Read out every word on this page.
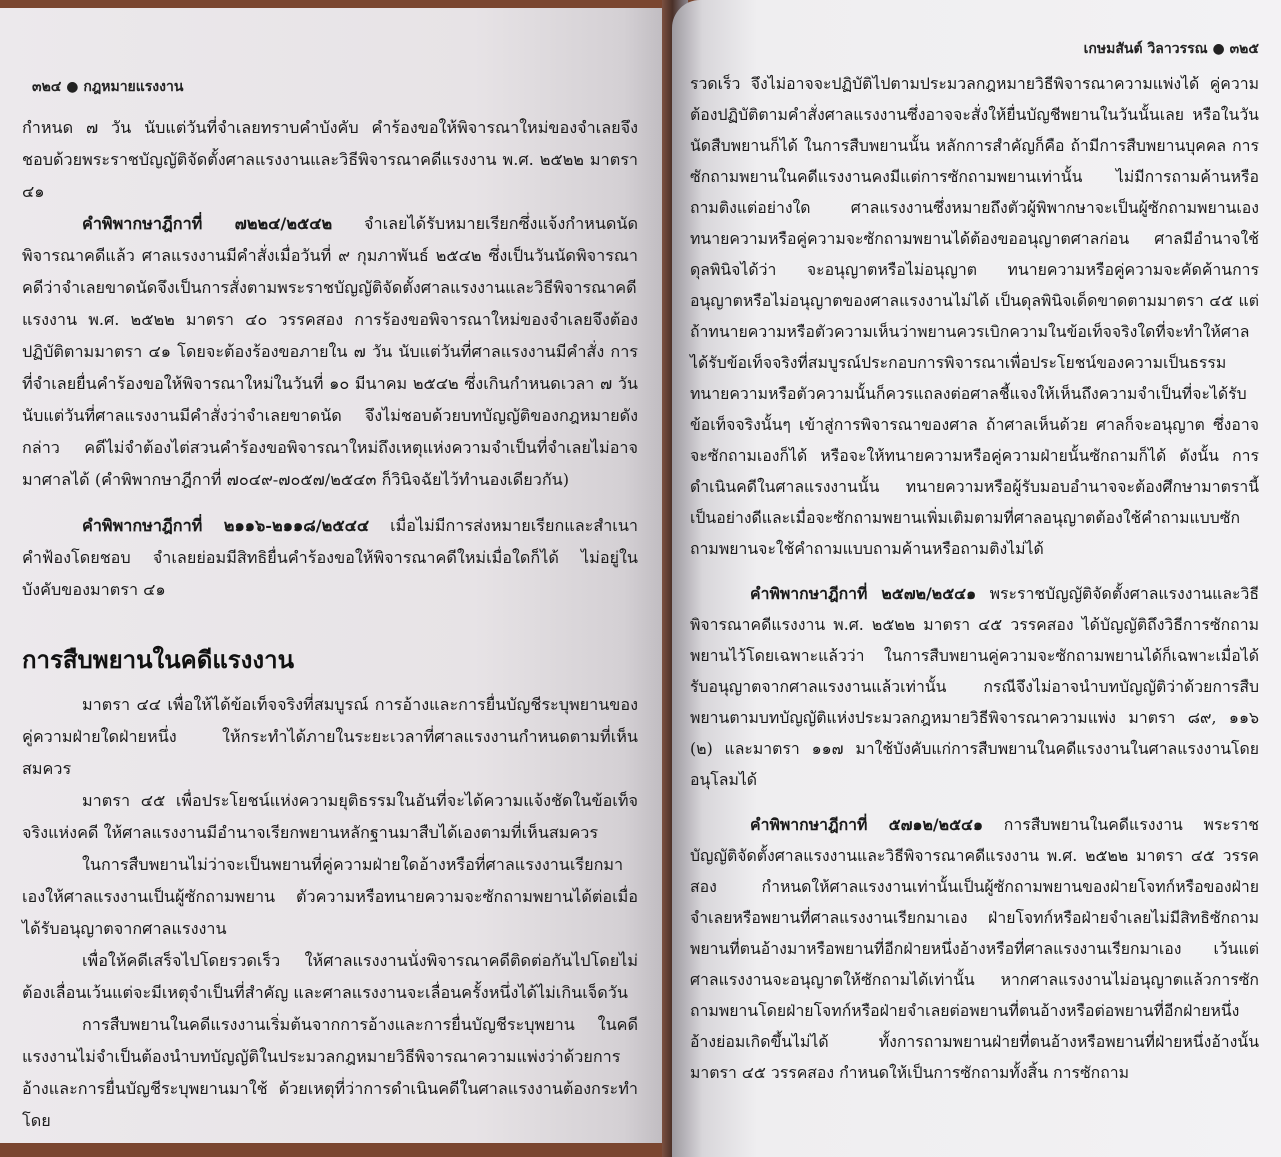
๓๒๔ ● กฎหมายแรงงาน

กำหนด ๗ วัน นับแต่วันที่จำเลยทราบคำบังคับ คำร้องขอให้พิจารณาใหม่ของจำเลยจึงชอบด้วยพระราชบัญญัติจัดตั้งศาลแรงงานและวิธีพิจารณาคดีแรงงาน พ.ศ. ๒๕๒๒ มาตรา ๔๑

คำพิพากษาฎีกาที่ ๗๒๒๔/๒๕๔๒ จำเลยได้รับหมายเรียกซึ่งแจ้งกำหนดนัดพิจารณาคดีแล้ว ศาลแรงงานมีคำสั่งเมื่อวันที่ ๙ กุมภาพันธ์ ๒๕๔๒ ซึ่งเป็นวันนัดพิจารณาคดีว่าจำเลยขาดนัดจึงเป็นการสั่งตามพระราชบัญญัติจัดตั้งศาลแรงงานและวิธีพิจารณาคดีแรงงาน พ.ศ. ๒๕๒๒ มาตรา ๔๐ วรรคสอง การร้องขอพิจารณาใหม่ของจำเลยจึงต้องปฏิบัติตามมาตรา ๔๑ โดยจะต้องร้องขอภายใน ๗ วัน นับแต่วันที่ศาลแรงงานมีคำสั่ง การที่จำเลยยื่นคำร้องขอให้พิจารณาใหม่ในวันที่ ๑๐ มีนาคม ๒๕๔๒ ซึ่งเกินกำหนดเวลา ๗ วัน นับแต่วันที่ศาลแรงงานมีคำสั่งว่าจำเลยขาดนัด จึงไม่ชอบด้วยบทบัญญัติของกฎหมายดังกล่าว คดีไม่จำต้องไต่สวนคำร้องขอพิจารณาใหม่ถึงเหตุแห่งความจำเป็นที่จำเลยไม่อาจมาศาลได้ (คำพิพากษาฎีกาที่ ๗๐๔๙-๗๐๕๗/๒๕๔๓ ก็วินิจฉัยไว้ทำนองเดียวกัน)

คำพิพากษาฎีกาที่ ๒๑๑๖-๒๑๑๘/๒๕๔๔ เมื่อไม่มีการส่งหมายเรียกและสำเนาคำฟ้องโดยชอบ จำเลยย่อมมีสิทธิยื่นคำร้องขอให้พิจารณาคดีใหม่เมื่อใดก็ได้ ไม่อยู่ในบังคับของมาตรา ๔๑

การสืบพยานในคดีแรงงาน

มาตรา ๔๔ เพื่อให้ได้ข้อเท็จจริงที่สมบูรณ์ การอ้างและการยื่นบัญชีระบุพยานของคู่ความฝ่ายใดฝ่ายหนึ่ง ให้กระทำได้ภายในระยะเวลาที่ศาลแรงงานกำหนดตามที่เห็นสมควร

มาตรา ๔๕ เพื่อประโยชน์แห่งความยุติธรรมในอันที่จะได้ความแจ้งชัดในข้อเท็จจริงแห่งคดี ให้ศาลแรงงานมีอำนาจเรียกพยานหลักฐานมาสืบได้เองตามที่เห็นสมควร

ในการสืบพยานไม่ว่าจะเป็นพยานที่คู่ความฝ่ายใดอ้างหรือที่ศาลแรงงานเรียกมาเองให้ศาลแรงงานเป็นผู้ซักถามพยาน ตัวความหรือทนายความจะซักถามพยานได้ต่อเมื่อได้รับอนุญาตจากศาลแรงงาน

เพื่อให้คดีเสร็จไปโดยรวดเร็ว ให้ศาลแรงงานนั่งพิจารณาคดีติดต่อกันไปโดยไม่ต้องเลื่อนเว้นแต่จะมีเหตุจำเป็นที่สำคัญ และศาลแรงงานจะเลื่อนครั้งหนึ่งได้ไม่เกินเจ็ดวัน

การสืบพยานในคดีแรงงานเริ่มต้นจากการอ้างและการยื่นบัญชีระบุพยาน ในคดีแรงงานไม่จำเป็นต้องนำบทบัญญัติในประมวลกฎหมายวิธีพิจารณาความแพ่งว่าด้วยการอ้างและการยื่นบัญชีระบุพยานมาใช้ ด้วยเหตุที่ว่าการดำเนินคดีในศาลแรงงานต้องกระทำโดย

เกษมสันต์ วิลาวรรณ ● ๓๒๕

รวดเร็ว จึงไม่อาจจะปฏิบัติไปตามประมวลกฎหมายวิธีพิจารณาความแพ่งได้ คู่ความต้องปฏิบัติตามคำสั่งศาลแรงงานซึ่งอาจจะสั่งให้ยื่นบัญชีพยานในวันนั้นเลย หรือในวันนัดสืบพยานก็ได้ ในการสืบพยานนั้น หลักการสำคัญก็คือ ถ้ามีการสืบพยานบุคคล การซักถามพยานในคดีแรงงานคงมีแต่การซักถามพยานเท่านั้น ไม่มีการถามค้านหรือถามติงแต่อย่างใด ศาลแรงงานซึ่งหมายถึงตัวผู้พิพากษาจะเป็นผู้ซักถามพยานเอง ทนายความหรือคู่ความจะซักถามพยานได้ต้องขออนุญาตศาลก่อน ศาลมีอำนาจใช้ดุลพินิจได้ว่า จะอนุญาตหรือไม่อนุญาต ทนายความหรือคู่ความจะคัดค้านการอนุญาตหรือไม่อนุญาตของศาลแรงงานไม่ได้ เป็นดุลพินิจเด็ดขาดตามมาตรา ๔๕ แต่ถ้าทนายความหรือตัวความเห็นว่าพยานควรเบิกความในข้อเท็จจริงใดที่จะทำให้ศาลได้รับข้อเท็จจริงที่สมบูรณ์ประกอบการพิจารณาเพื่อประโยชน์ของความเป็นธรรม ทนายความหรือตัวความนั้นก็ควรแถลงต่อศาลชี้แจงให้เห็นถึงความจำเป็นที่จะได้รับข้อเท็จจริงนั้นๆ เข้าสู่การพิจารณาของศาล ถ้าศาลเห็นด้วย ศาลก็จะอนุญาต ซึ่งอาจจะซักถามเองก็ได้ หรือจะให้ทนายความหรือคู่ความฝ่ายนั้นซักถามก็ได้ ดังนั้น การดำเนินคดีในศาลแรงงานนั้น ทนายความหรือผู้รับมอบอำนาจจะต้องศึกษามาตรานี้เป็นอย่างดีและเมื่อจะซักถามพยานเพิ่มเติมตามที่ศาลอนุญาตต้องใช้คำถามแบบซักถามพยานจะใช้คำถามแบบถามค้านหรือถามติงไม่ได้

คำพิพากษาฎีกาที่ ๒๕๗๒/๒๕๔๑ พระราชบัญญัติจัดตั้งศาลแรงงานและวิธีพิจารณาคดีแรงงาน พ.ศ. ๒๕๒๒ มาตรา ๔๕ วรรคสอง ได้บัญญัติถึงวิธีการซักถามพยานไว้โดยเฉพาะแล้วว่า ในการสืบพยานคู่ความจะซักถามพยานได้ก็เฉพาะเมื่อได้รับอนุญาตจากศาลแรงงานแล้วเท่านั้น กรณีจึงไม่อาจนำบทบัญญัติว่าด้วยการสืบพยานตามบทบัญญัติแห่งประมวลกฎหมายวิธีพิจารณาความแพ่ง มาตรา ๘๙, ๑๑๖ (๒) และมาตรา ๑๑๗ มาใช้บังคับแก่การสืบพยานในคดีแรงงานในศาลแรงงานโดยอนุโลมได้

คำพิพากษาฎีกาที่ ๕๗๑๒/๒๕๔๑ การสืบพยานในคดีแรงงาน พระราชบัญญัติจัดตั้งศาลแรงงานและวิธีพิจารณาคดีแรงงาน พ.ศ. ๒๕๒๒ มาตรา ๔๕ วรรคสอง กำหนดให้ศาลแรงงานเท่านั้นเป็นผู้ซักถามพยานของฝ่ายโจทก์หรือของฝ่ายจำเลยหรือพยานที่ศาลแรงงานเรียกมาเอง ฝ่ายโจทก์หรือฝ่ายจำเลยไม่มีสิทธิซักถามพยานที่ตนอ้างมาหรือพยานที่อีกฝ่ายหนึ่งอ้างหรือที่ศาลแรงงานเรียกมาเอง เว้นแต่ศาลแรงงานจะอนุญาตให้ซักถามได้เท่านั้น หากศาลแรงงานไม่อนุญาตแล้วการซักถามพยานโดยฝ่ายโจทก์หรือฝ่ายจำเลยต่อพยานที่ตนอ้างหรือต่อพยานที่อีกฝ่ายหนึ่งอ้างย่อมเกิดขึ้นไม่ได้ ทั้งการถามพยานฝ่ายที่ตนอ้างหรือพยานที่ฝ่ายหนึ่งอ้างนั้น มาตรา ๔๕ วรรคสอง กำหนดให้เป็นการซักถามทั้งสิ้น การซักถาม
